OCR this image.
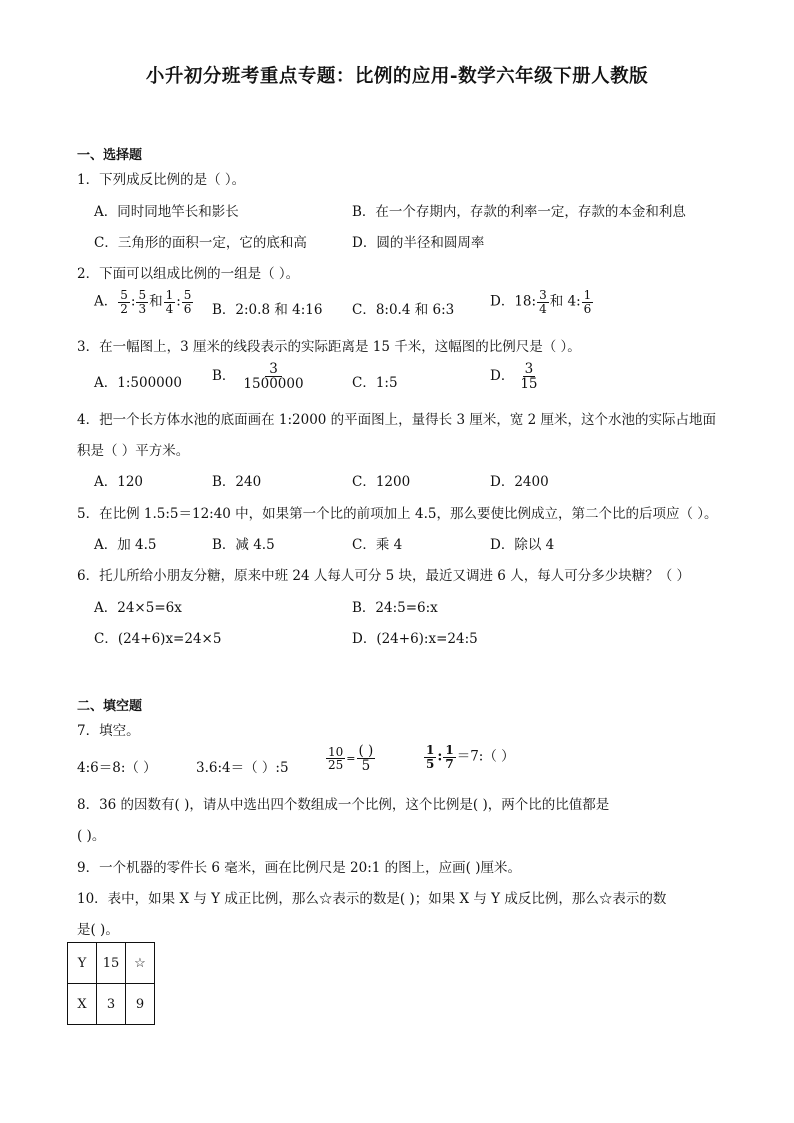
小升初分班考重点专题：比例的应用-数学六年级下册人教版
一、选择题
1．下列成反比例的是（ ）。
A．同时同地竿长和影长	B．在一个存期内，存款的利率一定，存款的本金和利息
C．三角形的面积一定，它的底和高	D．圆的半径和圆周率
2．下面可以组成比例的一组是（ ）。
A． $\frac{5}{2}$ : $\frac{5}{3}$ 和 $\frac{1}{4}$ : $\frac{5}{6}$ B．2:0.8 和 4:16 C．8:0.4 和 6:3
D．18: $\frac{3}{4}$ 和 4: $\frac{1}{6}$
3．在一幅图上，3 厘米的线段表示的实际距离是 15 千米，这幅图的比例尺是（ ）。
A．1:500000 B． $\frac{3}{1500000}$	C．1:5	D． $\frac{3}{15}$
4．把一个长方体水池的底面画在 1:2000 的平面图上，量得长 3 厘米，宽 2 厘米，这个水池的实际占地面
积是（ ）平方米。
A．120	B．240	C．1200	D．2400
5．在比例 1.5:5＝12:40 中，如果第一个比的前项加上 4.5，那么要使比例成立，第二个比的后项应（ ）。
A．加 4.5	B．减 4.5	C．乘 4	D．除以 4
6．托儿所给小朋友分糖，原来中班 24 人每人可分 5 块，最近又调进 6 人，每人可分多少块糖？（ ）
A．24×5=6x	B．24:5=6:x
C．(24+6)x=24×5	D．(24+6):x=24:5
二、填空题
7．填空。
4:6＝8:（ ）	3.6:4＝（ ）:5	$\frac{10}{25} = \frac{( )}{5}$	$\frac{1}{5}$ : $\frac{1}{7}$ ＝7:（ ）
8．36 的因数有( )，请从中选出四个数组成一个比例，这个比例是( )，两个比的比值都是
( )。
9．一个机器的零件长 6 毫米，画在比例尺是 20:1 的图上，应画( )厘米。
10．表中，如果 X 与 Y 成正比例，那么☆表示的数是( )；如果 X 与 Y 成反比例，那么☆表示的数
是( )。
Y	15	☆
X	3	9
